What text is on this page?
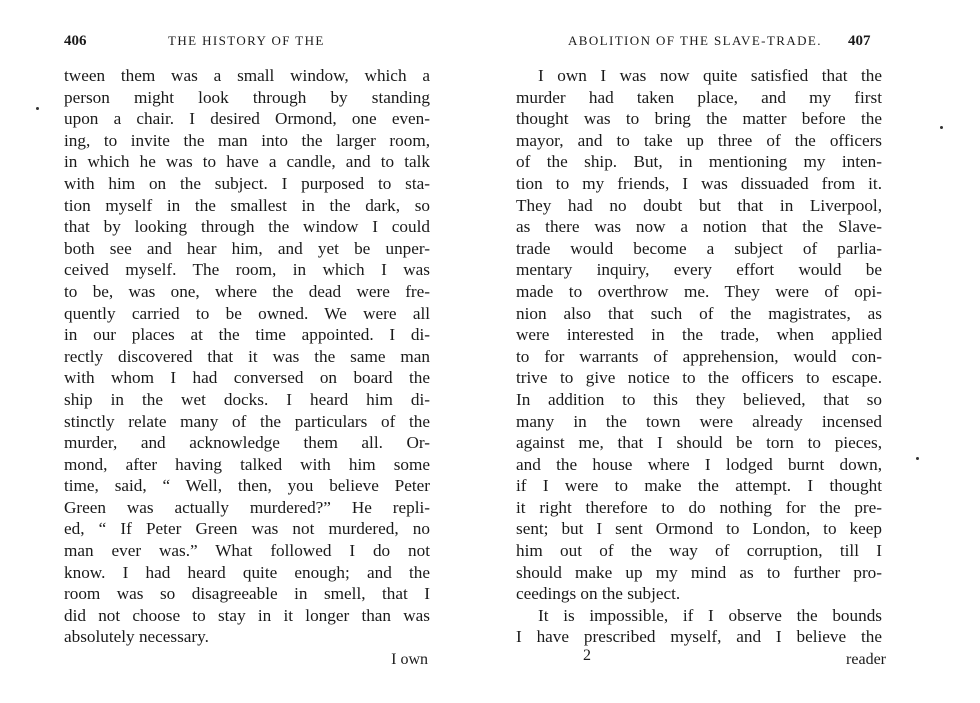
406	THE HISTORY OF THE
tween them was a small window, which a
person might look through by standing
upon a chair. I desired Ormond, one even-
ing, to invite the man into the larger room,
in which he was to have a candle, and to talk
with him on the subject. I purposed to sta-
tion myself in the smallest in the dark, so
that by looking through the window I could
both see and hear him, and yet be unper-
ceived myself. The room, in which I was
to be, was one, where the dead were fre-
quently carried to be owned. We were all
in our places at the time appointed. I di-
rectly discovered that it was the same man
with whom I had conversed on board the
ship in the wet docks. I heard him di-
stinctly relate many of the particulars of the
murder, and acknowledge them all. Or-
mond, after having talked with him some
time, said, “ Well, then, you believe Peter
Green was actually murdered?” He repli-
ed, “ If Peter Green was not murdered, no
man ever was.” What followed I do not
know. I had heard quite enough; and the
room was so disagreeable in smell, that I
did not choose to stay in it longer than was
absolutely necessary.
I own
ABOLITION OF THE SLAVE-TRADE. 407
I own I was now quite satisfied that the
murder had taken place, and my first
thought was to bring the matter before the
mayor, and to take up three of the officers
of the ship. But, in mentioning my inten-
tion to my friends, I was dissuaded from it.
They had no doubt but that in Liverpool,
as there was now a notion that the Slave-
trade would become a subject of parlia-
mentary inquiry, every effort would be
made to overthrow me. They were of opi-
nion also that such of the magistrates, as
were interested in the trade, when applied
to for warrants of apprehension, would con-
trive to give notice to the officers to escape.
In addition to this they believed, that so
many in the town were already incensed
against me, that I should be torn to pieces,
and the house where I lodged burnt down,
if I were to make the attempt. I thought
it right therefore to do nothing for the pre-
sent; but I sent Ormond to London, to keep
him out of the way of corruption, till I
should make up my mind as to further pro-
ceedings on the subject.
It is impossible, if I observe the bounds
I have prescribed myself, and I believe the
2	reader
